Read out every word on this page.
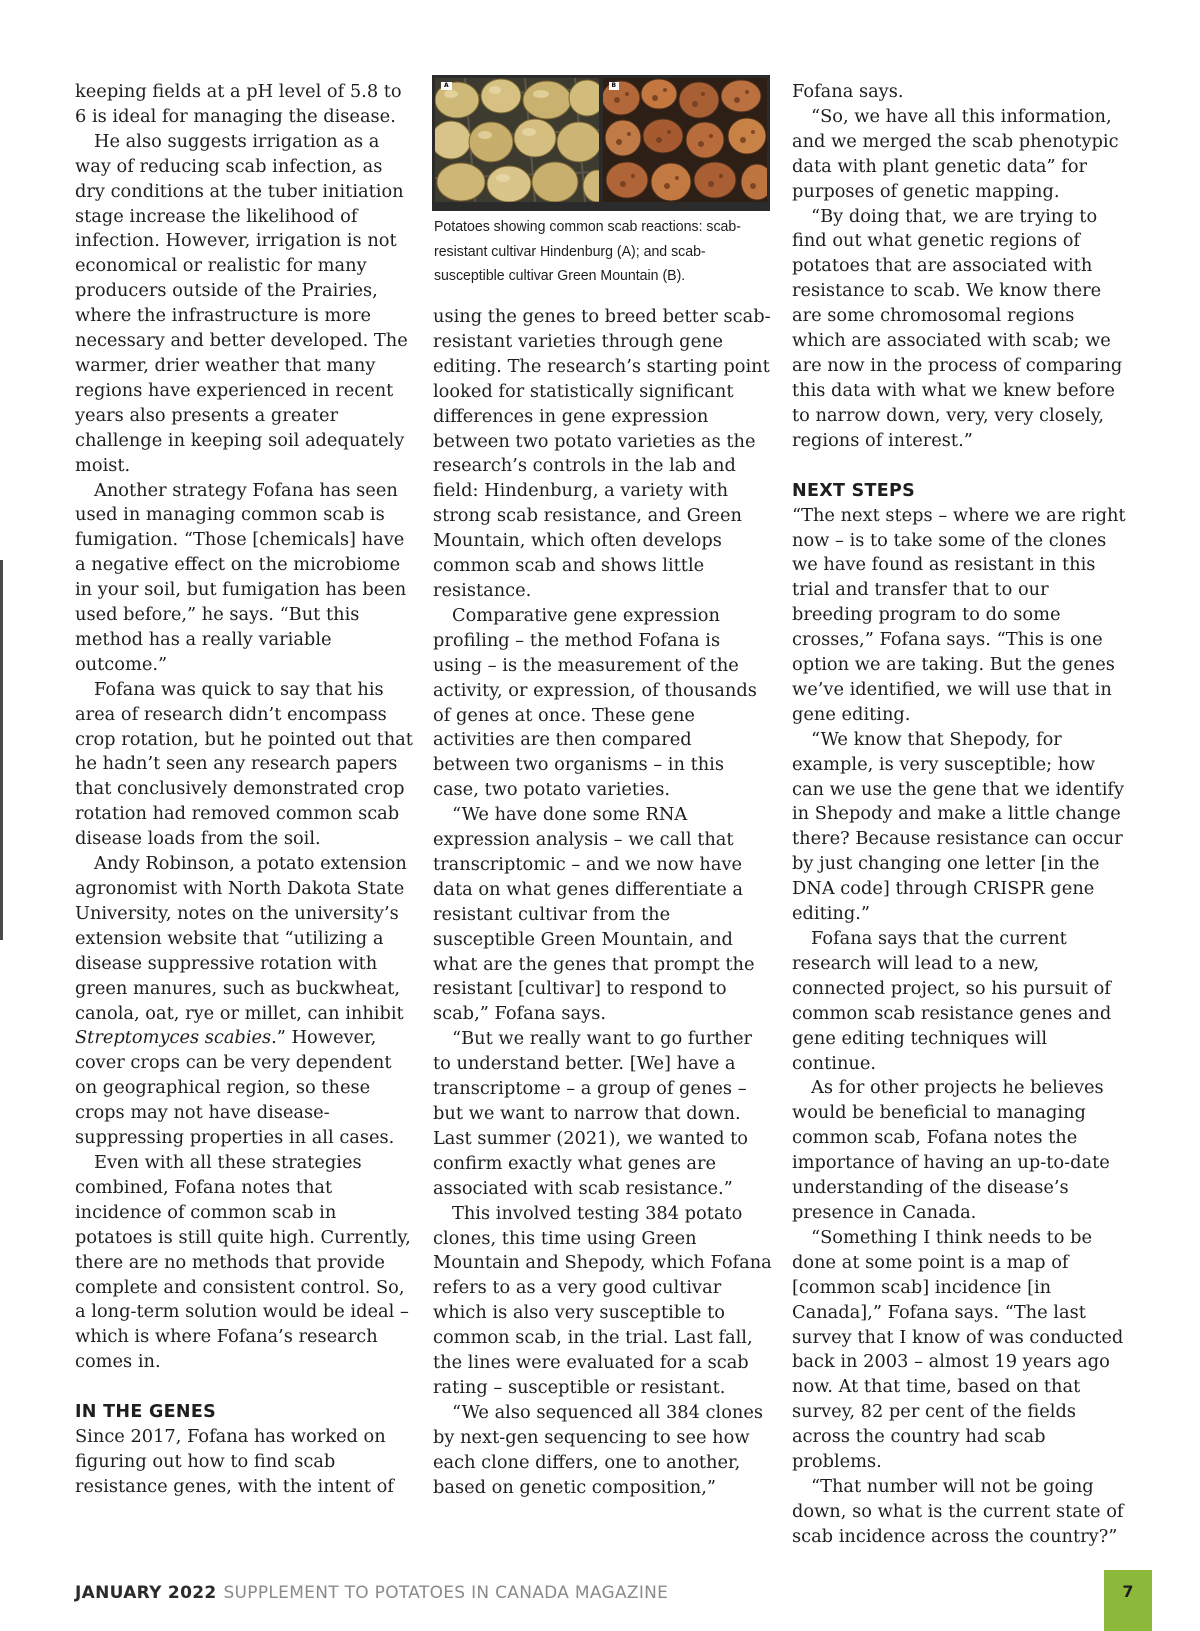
keeping fields at a pH level of 5.8 to 6 is ideal for managing the disease.

He also suggests irrigation as a way of reducing scab infection, as dry conditions at the tuber initiation stage increase the likelihood of infection. However, irrigation is not economical or realistic for many producers outside of the Prairies, where the infrastructure is more necessary and better developed. The warmer, drier weather that many regions have experienced in recent years also presents a greater challenge in keeping soil adequately moist.

Another strategy Fofana has seen used in managing common scab is fumigation. “Those [chemicals] have a negative effect on the microbiome in your soil, but fumigation has been used before,” he says. “But this method has a really variable outcome.”

Fofana was quick to say that his area of research didn’t encompass crop rotation, but he pointed out that he hadn’t seen any research papers that conclusively demonstrated crop rotation had removed common scab disease loads from the soil.

Andy Robinson, a potato extension agronomist with North Dakota State University, notes on the university’s extension website that “utilizing a disease suppressive rotation with green manures, such as buckwheat, canola, oat, rye or millet, can inhibit Streptomyces scabies.” However, cover crops can be very dependent on geographical region, so these crops may not have disease-suppressing properties in all cases.

Even with all these strategies combined, Fofana notes that incidence of common scab in potatoes is still quite high. Currently, there are no methods that provide complete and consistent control. So, a long-term solution would be ideal – which is where Fofana’s research comes in.

IN THE GENES

Since 2017, Fofana has worked on figuring out how to find scab resistance genes, with the intent of

A	B
Potatoes showing common scab reactions: scab-resistant cultivar Hindenburg (A); and scab-susceptible cultivar Green Mountain (B).

using the genes to breed better scab-resistant varieties through gene editing. The research’s starting point looked for statistically significant differences in gene expression between two potato varieties as the research’s controls in the lab and field: Hindenburg, a variety with strong scab resistance, and Green Mountain, which often develops common scab and shows little resistance.

Comparative gene expression profiling – the method Fofana is using – is the measurement of the activity, or expression, of thousands of genes at once. These gene activities are then compared between two organisms – in this case, two potato varieties.

“We have done some RNA expression analysis – we call that transcriptomic – and we now have data on what genes differentiate a resistant cultivar from the susceptible Green Mountain, and what are the genes that prompt the resistant [cultivar] to respond to scab,” Fofana says.

“But we really want to go further to understand better. [We] have a transcriptome – a group of genes – but we want to narrow that down. Last summer (2021), we wanted to confirm exactly what genes are associated with scab resistance.”

This involved testing 384 potato clones, this time using Green Mountain and Shepody, which Fofana refers to as a very good cultivar which is also very susceptible to common scab, in the trial. Last fall, the lines were evaluated for a scab rating – susceptible or resistant.

“We also sequenced all 384 clones by next-gen sequencing to see how each clone differs, one to another, based on genetic composition,”

Fofana says.

“So, we have all this information, and we merged the scab phenotypic data with plant genetic data” for purposes of genetic mapping.

“By doing that, we are trying to find out what genetic regions of potatoes that are associated with resistance to scab. We know there are some chromosomal regions which are associated with scab; we are now in the process of comparing this data with what we knew before to narrow down, very, very closely, regions of interest.”

NEXT STEPS

“The next steps – where we are right now – is to take some of the clones we have found as resistant in this trial and transfer that to our breeding program to do some crosses,” Fofana says. “This is one option we are taking. But the genes we’ve identified, we will use that in gene editing.

“We know that Shepody, for example, is very susceptible; how can we use the gene that we identify in Shepody and make a little change there? Because resistance can occur by just changing one letter [in the DNA code] through CRISPR gene editing.”

Fofana says that the current research will lead to a new, connected project, so his pursuit of common scab resistance genes and gene editing techniques will continue.

As for other projects he believes would be beneficial to managing common scab, Fofana notes the importance of having an up-to-date understanding of the disease’s presence in Canada.

“Something I think needs to be done at some point is a map of [common scab] incidence [in Canada],” Fofana says. “The last survey that I know of was conducted back in 2003 – almost 19 years ago now. At that time, based on that survey, 82 per cent of the fields across the country had scab problems.

“That number will not be going down, so what is the current state of scab incidence across the country?”

JANUARY 2022 SUPPLEMENT TO POTATOES IN CANADA MAGAZINE	7
